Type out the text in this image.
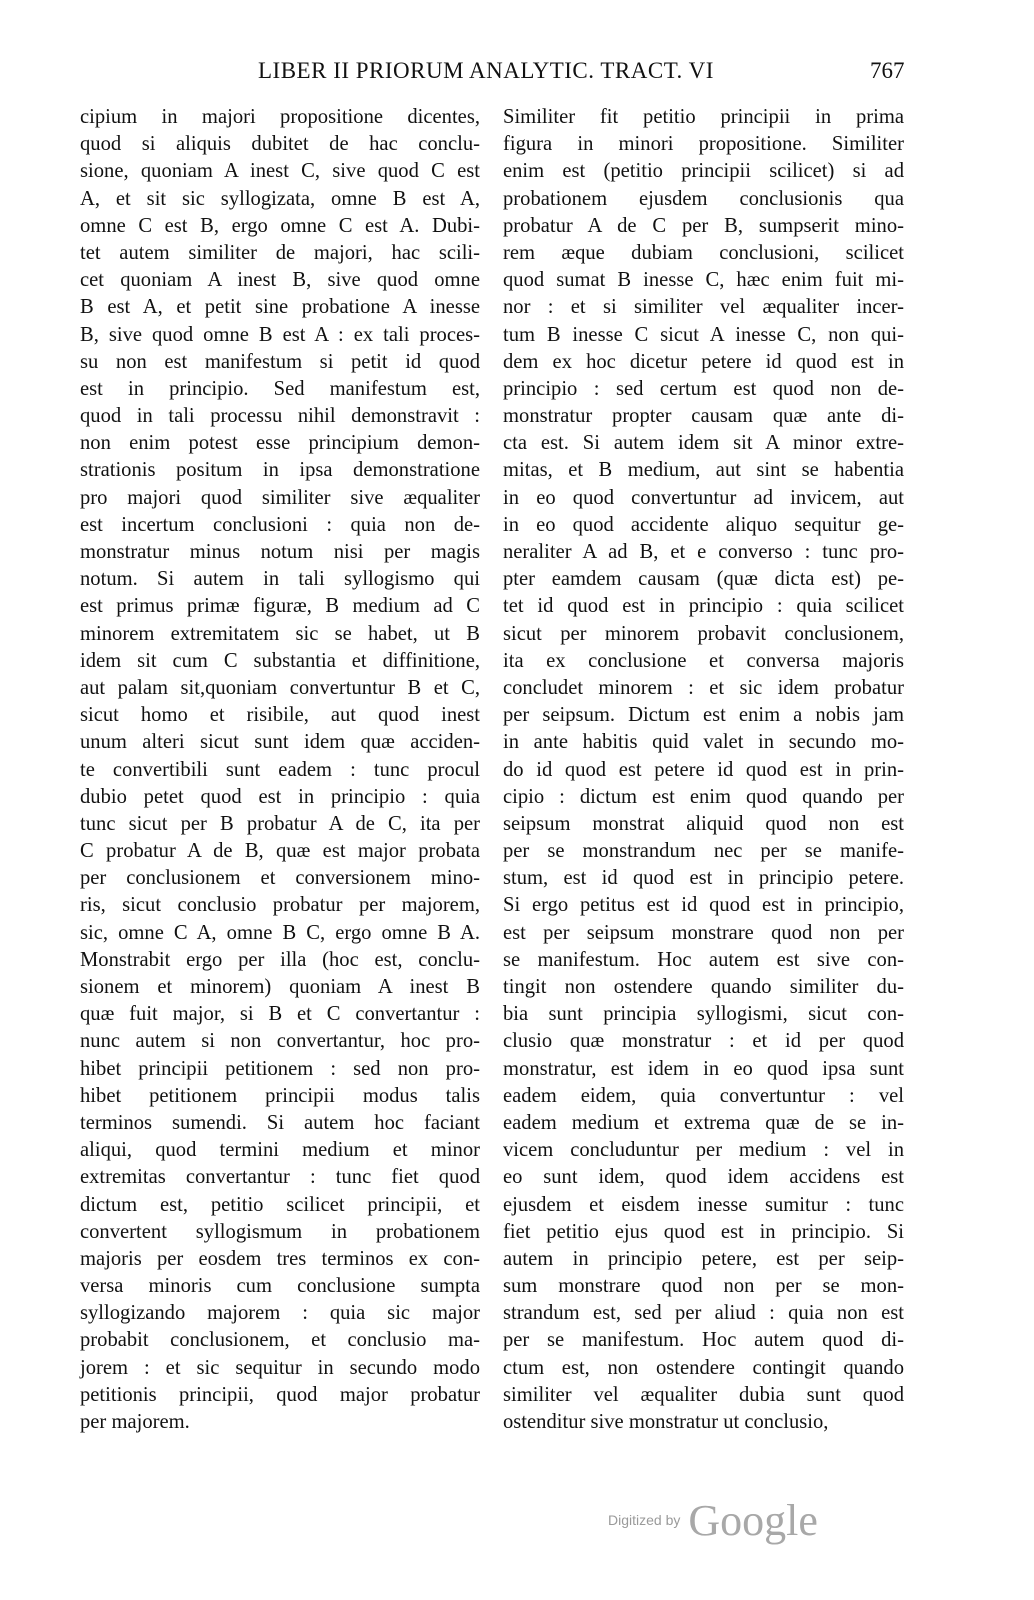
LIBER II PRIORUM ANALYTIC. TRACT. VI	767
cipium in majori propositione dicentes,
quod si aliquis dubitet de hac conclu-
sione, quoniam A inest C, sive quod C est
A, et sit sic syllogizata, omne B est A,
omne C est B, ergo omne C est A. Dubi-
tet autem similiter de majori, hac scili-
cet quoniam A inest B, sive quod omne
B est A, et petit sine probatione A inesse
B, sive quod omne B est A : ex tali proces-
su non est manifestum si petit id quod
est in principio. Sed manifestum est,
quod in tali processu nihil demonstravit :
non enim potest esse principium demon-
strationis positum in ipsa demonstratione
pro majori quod similiter sive æqualiter
est incertum conclusioni : quia non de-
monstratur minus notum nisi per magis
notum. Si autem in tali syllogismo qui
est primus primæ figuræ, B medium ad C
minorem extremitatem sic se habet, ut B
idem sit cum C substantia et diffinitione,
aut palam sit,quoniam convertuntur B et C,
sicut homo et risibile, aut quod inest
unum alteri sicut sunt idem quæ acciden-
te convertibili sunt eadem : tunc procul
dubio petet quod est in principio : quia
tunc sicut per B probatur A de C, ita per
C probatur A de B, quæ est major probata
per conclusionem et conversionem mino-
ris, sicut conclusio probatur per majorem,
sic, omne C A, omne B C, ergo omne B A.
Monstrabit ergo per illa (hoc est, conclu-
sionem et minorem) quoniam A inest B
quæ fuit major, si B et C convertantur :
nunc autem si non convertantur, hoc pro-
hibet principii petitionem : sed non pro-
hibet petitionem principii modus talis
terminos sumendi. Si autem hoc faciant
aliqui, quod termini medium et minor
extremitas convertantur : tunc fiet quod
dictum est, petitio scilicet principii, et
convertent syllogismum in probationem
majoris per eosdem tres terminos ex con-
versa minoris cum conclusione sumpta
syllogizando majorem : quia sic major
probabit conclusionem, et conclusio ma-
jorem : et sic sequitur in secundo modo
petitionis principii, quod major probatur
per majorem.
Similiter fit petitio principii in prima
figura in minori propositione. Similiter
enim est (petitio principii scilicet) si ad
probationem ejusdem conclusionis qua
probatur A de C per B, sumpserit mino-
rem æque dubiam conclusioni, scilicet
quod sumat B inesse C, hæc enim fuit mi-
nor : et si similiter vel æqualiter incer-
tum B inesse C sicut A inesse C, non qui-
dem ex hoc dicetur petere id quod est in
principio : sed certum est quod non de-
monstratur propter causam quæ ante di-
cta est. Si autem idem sit A minor extre-
mitas, et B medium, aut sint se habentia
in eo quod convertuntur ad invicem, aut
in eo quod accidente aliquo sequitur ge-
neraliter A ad B, et e converso : tunc pro-
pter eamdem causam (quæ dicta est) pe-
tet id quod est in principio : quia scilicet
sicut per minorem probavit conclusionem,
ita ex conclusione et conversa majoris
concludet minorem : et sic idem probatur
per seipsum. Dictum est enim a nobis jam
in ante habitis quid valet in secundo mo-
do id quod est petere id quod est in prin-
cipio : dictum est enim quod quando per
seipsum monstrat aliquid quod non est
per se monstrandum nec per se manife-
stum, est id quod est in principio petere.
Si ergo petitus est id quod est in principio,
est per seipsum monstrare quod non per
se manifestum. Hoc autem est sive con-
tingit non ostendere quando similiter du-
bia sunt principia syllogismi, sicut con-
clusio quæ monstratur : et id per quod
monstratur, est idem in eo quod ipsa sunt
eadem eidem, quia convertuntur : vel
eadem medium et extrema quæ de se in-
vicem concluduntur per medium : vel in
eo sunt idem, quod idem accidens est
ejusdem et eisdem inesse sumitur : tunc
fiet petitio ejus quod est in principio. Si
autem in principio petere, est per seip-
sum monstrare quod non per se mon-
strandum est, sed per aliud : quia non est
per se manifestum. Hoc autem quod di-
ctum est, non ostendere contingit quando
similiter vel æqualiter dubia sunt quod
ostenditur sive monstratur ut conclusio,
Digitized by Google
